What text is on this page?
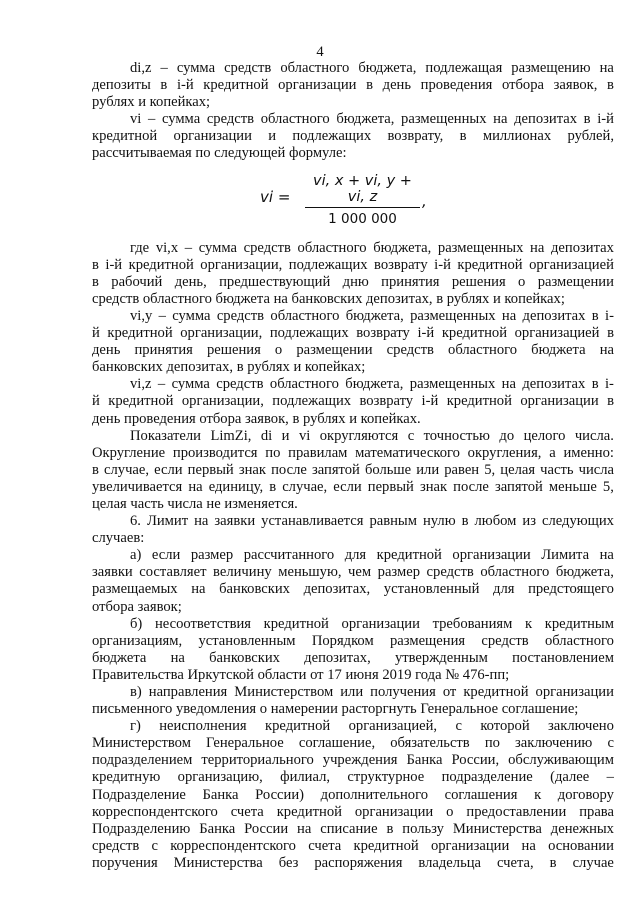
4

di,z – сумма средств областного бюджета, подлежащая размещению на

депозиты в i-й кредитной организации в день проведения отбора заявок, в

рублях и копейках;

vi – сумма средств областного бюджета, размещенных на депозитах в i-й

кредитной организации и подлежащих возврату, в миллионах рублей,

рассчитываемая по следующей формуле:

vi = $\frac{vi, x + vi, y + vi, z}{1 000 000}$ ,

где vi,x – сумма средств областного бюджета, размещенных на депозитах

в i-й кредитной организации, подлежащих возврату i-й кредитной организацией

в рабочий день, предшествующий дню принятия решения о размещении

средств областного бюджета на банковских депозитах, в рублях и копейках;

vi,y – сумма средств областного бюджета, размещенных на депозитах в i-

й кредитной организации, подлежащих возврату i-й кредитной организацией в

день принятия решения о размещении средств областного бюджета на

банковских депозитах, в рублях и копейках;

vi,z – сумма средств областного бюджета, размещенных на депозитах в i-

й кредитной организации, подлежащих возврату i-й кредитной организации в

день проведения отбора заявок, в рублях и копейках.

Показатели LimZi, di и vi округляются с точностью до целого числа.

Округление производится по правилам математического округления, а именно:

в случае, если первый знак после запятой больше или равен 5, целая часть числа

увеличивается на единицу, в случае, если первый знак после запятой меньше 5,

целая часть числа не изменяется.

6. Лимит на заявки устанавливается равным нулю в любом из следующих

случаев:

а) если размер рассчитанного для кредитной организации Лимита на

заявки составляет величину меньшую, чем размер средств областного бюджета,

размещаемых на банковских депозитах, установленный для предстоящего

отбора заявок;

б) несоответствия кредитной организации требованиям к кредитным

организациям, установленным Порядком размещения средств областного

бюджета на банковских депозитах, утвержденным постановлением

Правительства Иркутской области от 17 июня 2019 года № 476-пп;

в) направления Министерством или получения от кредитной организации

письменного уведомления о намерении расторгнуть Генеральное соглашение;

г) неисполнения кредитной организацией, с которой заключено

Министерством Генеральное соглашение, обязательств по заключению с

подразделением территориального учреждения Банка России, обслуживающим

кредитную организацию, филиал, структурное подразделение (далее –

Подразделение Банка России) дополнительного соглашения к договору

корреспондентского счета кредитной организации о предоставлении права

Подразделению Банка России на списание в пользу Министерства денежных

средств с корреспондентского счета кредитной организации на основании

поручения Министерства без распоряжения владельца счета, в случае
